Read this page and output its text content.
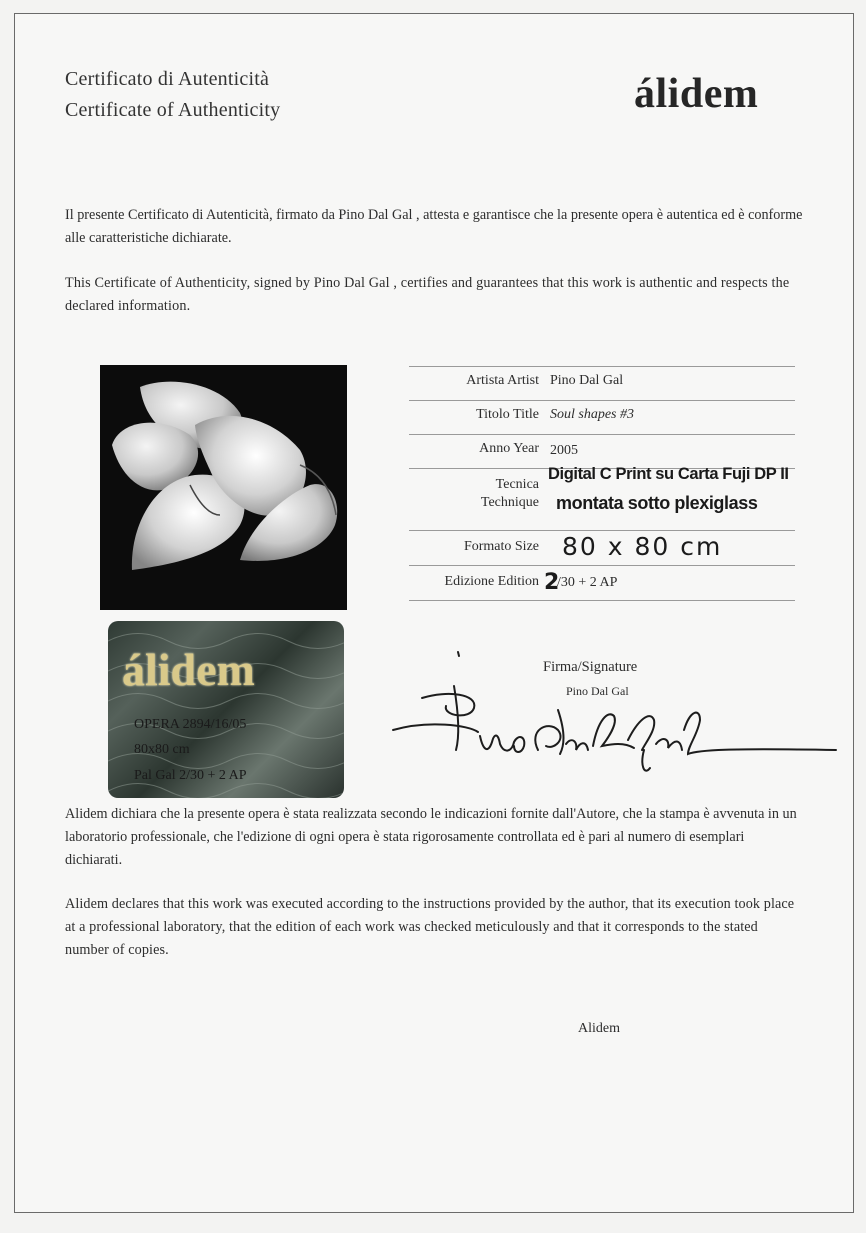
Certificato di Autenticità
Certificate of Authenticity	álidem
Il presente Certificato di Autenticità, firmato da Pino Dal Gal , attesta e garantisce che la presente opera è autentica ed è conforme alle caratteristiche dichiarate.
This Certificate of Authenticity, signed by Pino Dal Gal , certifies and guarantees that this work is authentic and respects the declared information.
álidem
OPERA 2894/16/05
80x80 cm
Pal Gal 2/30 + 2 AP
Artista Artist Pino Dal Gal
Titolo Title Soul shapes #3
Anno Year 2005
Tecnica
Technique
Digital C Print su Carta Fuji DP II
montata sotto plexiglass
Formato Size 80 x 80 cm
Edizione Edition 2
/30 + 2 AP
Firma/Signature
Pino Dal Gal
Alidem dichiara che la presente opera è stata realizzata secondo le indicazioni fornite dall'Autore, che la stampa è avvenuta in un laboratorio professionale, che l'edizione di ogni opera è stata rigorosamente controllata ed è pari al numero di esemplari dichiarati.
Alidem declares that this work was executed according to the instructions provided by the author, that its execution took place at a professional laboratory, that the edition of each work was checked meticulously and that it corresponds to the stated number of copies.
Alidem
